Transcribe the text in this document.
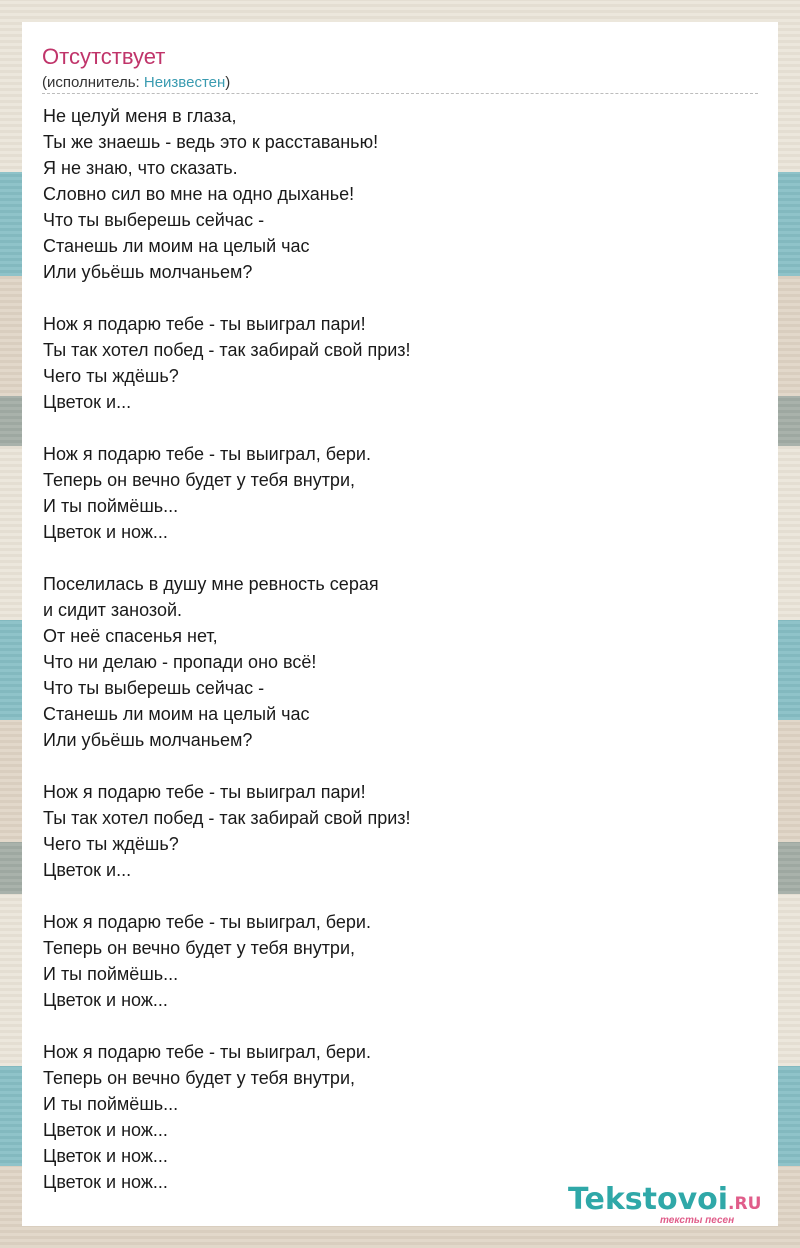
Отсутствует
(исполнитель: Неизвестен)
Не целуй меня в глаза,
Ты же знаешь - ведь это к расставанью!
Я не знаю, что сказать.
Словно сил во мне на одно дыханье!
Что ты выберешь сейчас -
Станешь ли моим на целый час
Или убьёшь молчаньем?
Нож я подарю тебе - ты выиграл пари!
Ты так хотел побед - так забирай свой приз!
Чего ты ждёшь?
Цветок и...
Нож я подарю тебе - ты выиграл, бери.
Теперь он вечно будет у тебя внутри,
И ты поймёшь...
Цветок и нож...
Поселилась в душу мне ревность серая
и сидит занозой.
От неё спасенья нет,
Что ни делаю - пропади оно всё!
Что ты выберешь сейчас -
Станешь ли моим на целый час
Или убьёшь молчаньем?
Нож я подарю тебе - ты выиграл пари!
Ты так хотел побед - так забирай свой приз!
Чего ты ждёшь?
Цветок и...
Нож я подарю тебе - ты выиграл, бери.
Теперь он вечно будет у тебя внутри,
И ты поймёшь...
Цветок и нож...
Нож я подарю тебе - ты выиграл, бери.
Теперь он вечно будет у тебя внутри,
И ты поймёшь...
Цветок и нож...
Цветок и нож...
Цветок и нож...	Tekstovoi.RU
тексты песен
